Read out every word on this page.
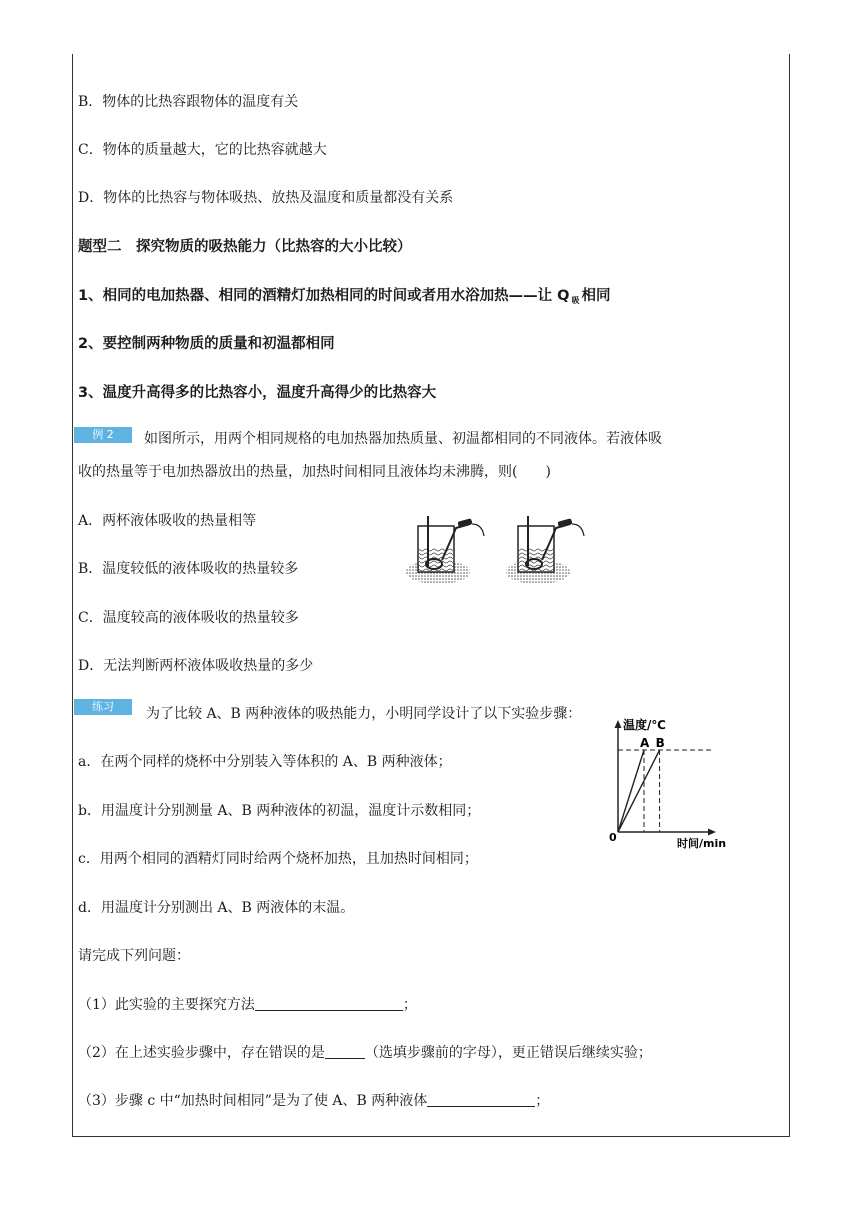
B．物体的比热容跟物体的温度有关
C．物体的质量越大，它的比热容就越大
D．物体的比热容与物体吸热、放热及温度和质量都没有关系
题型二　探究物质的吸热能力（比热容的大小比较）
1、相同的电加热器、相同的酒精灯加热相同的时间或者用水浴加热——让 Q $_吸$ 相同
2、要控制两种物质的质量和初温都相同
3、温度升高得多的比热容小，温度升高得少的比热容大
例 2	如图所示，用两个相同规格的电加热器加热质量、初温都相同的不同液体。若液体吸
收的热量等于电加热器放出的热量，加热时间相同且液体均未沸腾，则(　　)
A．两杯液体吸收的热量相等
B．温度较低的液体吸收的热量较多
C．温度较高的液体吸收的热量较多
D．无法判断两杯液体吸收热量的多少
练习	为了比较 A、B 两种液体的吸热能力，小明同学设计了以下实验步骤：
a．在两个同样的烧杯中分别装入等体积的 A、B 两种液体；
b．用温度计分别测量 A、B 两种液体的初温，温度计示数相同；
c．用两个相同的酒精灯同时给两个烧杯加热，且加热时间相同；
d．用温度计分别测出 A、B 两液体的末温。
请完成下列问题：
（1）此实验的主要探究方法	；
（2）在上述实验步骤中，存在错误的是	（选填步骤前的字母），更正错误后继续实验；
（3）步骤 c 中“加热时间相同”是为了使 A、B 两种液体	；
温度/℃
时间/min
0
A B
